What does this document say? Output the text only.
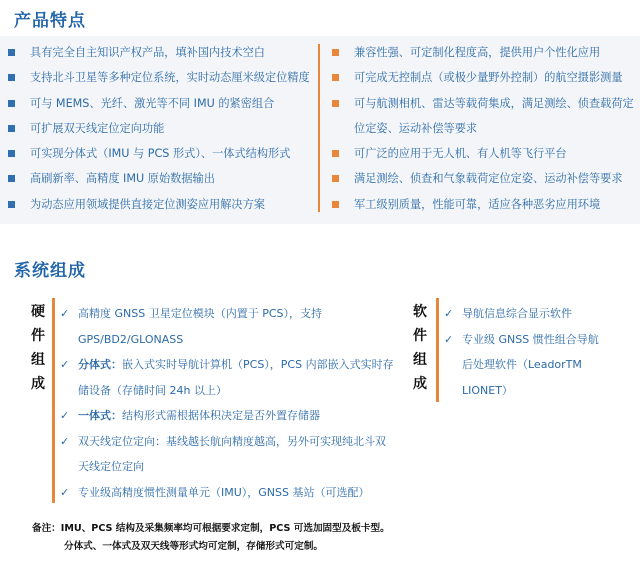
产品特点
具有完全自主知识产权产品，填补国内技术空白
支持北斗卫星等多种定位系统，实时动态厘米级定位精度
可与 MEMS、光纤、激光等不同 IMU 的紧密组合
可扩展双天线定位定向功能
可实现分体式（IMU 与 PCS 形式）、一体式结构形式
高刷新率、高精度 IMU 原始数据输出
为动态应用领域提供直接定位测姿应用解决方案
兼容性强、可定制化程度高，提供用户个性化应用
可完成无控制点（或极少量野外控制）的航空摄影测量
可与航测相机、雷达等载荷集成，满足测绘、侦查载荷定
位定姿、运动补偿等要求
可广泛的应用于无人机、有人机等飞行平台
满足测绘、侦查和气象载荷定位定姿、运动补偿等要求
军工级别质量，性能可靠，适应各种恶劣应用环境
系统组成
硬
件
组
成
✓ 高精度 GNSS 卫星定位模块（内置于 PCS），支持
GPS/BD2/GLONASS
✓ 分体式：嵌入式实时导航计算机（PCS），PCS 内部嵌入式实时存
储设备（存储时间 24h 以上）
✓ 一体式：结构形式需根据体积决定是否外置存储器
✓ 双天线定位定向：基线越长航向精度越高，另外可实现纯北斗双
天线定位定向
✓ 专业级高精度惯性测量单元（IMU），GNSS 基站（可选配）
软
件
组
成
✓ 导航信息综合显示软件
✓ 专业级 GNSS 惯性组合导航
后处理软件（LeadorTM
LIONET）
备注：IMU、PCS 结构及采集频率均可根据要求定制，PCS 可选加固型及板卡型。
分体式、一体式及双天线等形式均可定制，存储形式可定制。
